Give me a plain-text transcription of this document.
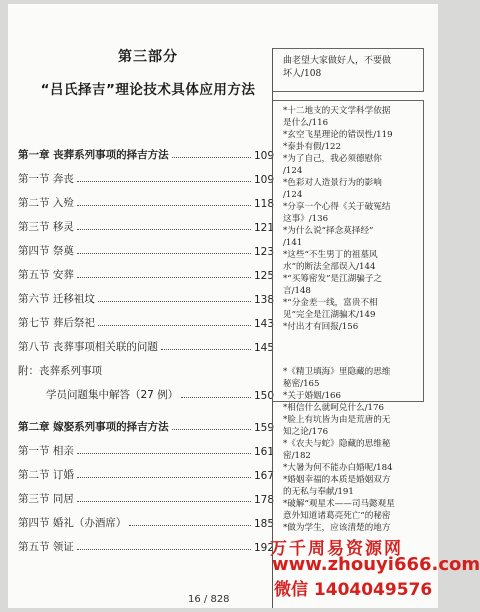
第三部分
“吕氏择吉”理论技术具体应用方法
第一章 丧葬系列事项的择吉方法	109
第一节 奔丧	109
第二节 入殓	118
第三节 移灵	121
第四节 祭奠	123
第五节 安葬	125
第六节 迁移祖坟	138
第七节 葬后祭祀	143
第八节 丧葬事项相关联的问题	145
附：丧葬系列事项
学员问题集中解答（27 例）	150
第二章 嫁娶系列事项的择吉方法	159
第一节 相亲	161
第二节 订婚	167
第三节 同居	178
第四节 婚礼（办酒席）	185
第五节 领证	192
曲老望大家做好人，不要做
坏人/108
*十二地支的天文学科学依据
是什么/116
*玄空飞星理论的错误性/119
*泰卦有假/122
*为了自己，我必须德慰你
/124
*色彩对人造景行为的影响
/124
*分享一个心得《关于破冤结
这事》/136
*为什么说“择念莫择经”
/141
*这些“不生男丁的祖墓风
水”的断法全部误入/144
*“买筹密发”是江湖骗子之
言/148
*“分金差一线，富贵不相
见”完全是江湖骗术/149
*付出才有回报/156
*《精卫填海》里隐藏的思维
秘密/165
*关于婚姻/166
*相信什么就呵兑什么/176
*脸上有坑皆为由是荒唐的无
知之论/176
*《农夫与蛇》隐藏的思维秘
密/182
*大暑为何不能办白婚呢/184
*婚姻幸福的本质是婚姻双方
的无私与奉献/191
*破解“观星术——司马懿观星
意外知道诸葛亮死亡”的秘密
*做为学生，应该清楚的地方
16 / 828
万千周易资源网
www.zhouyi666.com
微信 1404049576
